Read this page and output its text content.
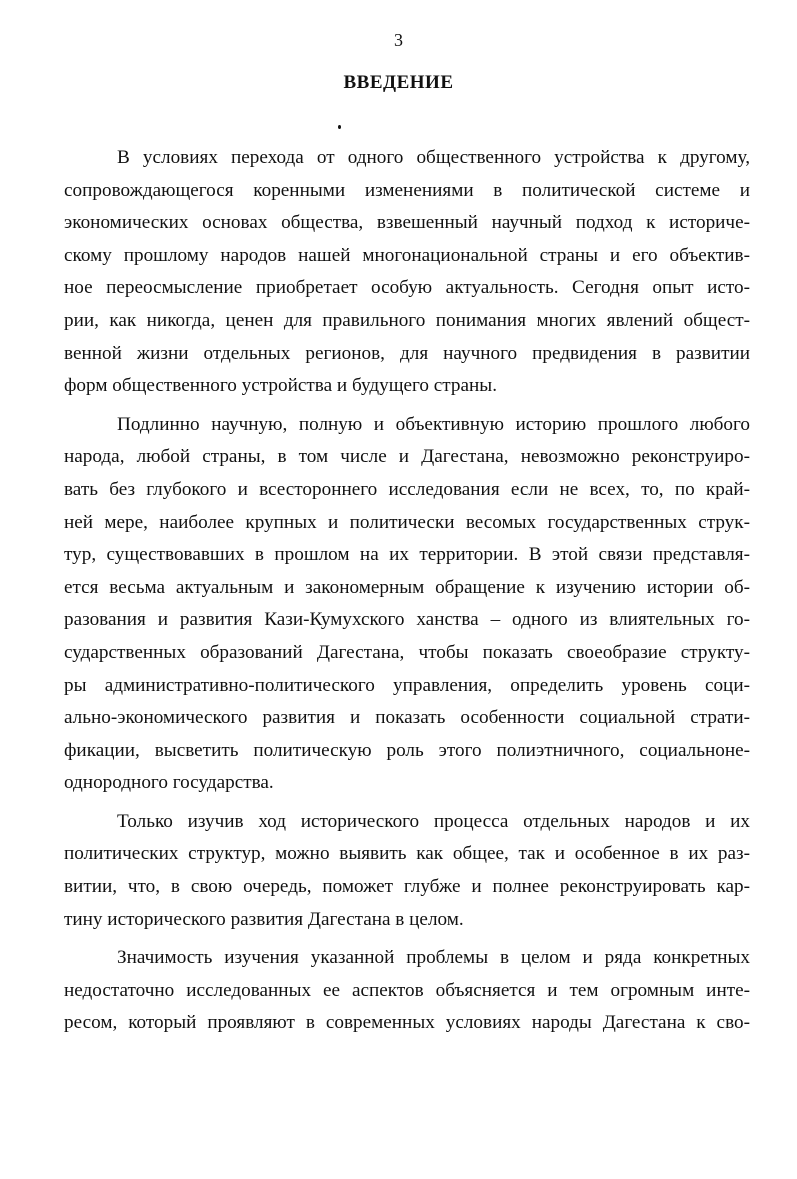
3
ВВЕДЕНИЕ
В условиях перехода от одного общественного устройства к другому,
сопровождающегося коренными изменениями в политической системе и
экономических основах общества, взвешенный научный подход к историче-
скому прошлому народов нашей многонациональной страны и его объектив-
ное переосмысление приобретает особую актуальность. Сегодня опыт исто-
рии, как никогда, ценен для правильного понимания многих явлений общест-
венной жизни отдельных регионов, для научного предвидения в развитии
форм общественного устройства и будущего страны.
Подлинно научную, полную и объективную историю прошлого любого
народа, любой страны, в том числе и Дагестана, невозможно реконструиро-
вать без глубокого и всестороннего исследования если не всех, то, по край-
ней мере, наиболее крупных и политически весомых государственных струк-
тур, существовавших в прошлом на их территории. В этой связи представля-
ется весьма актуальным и закономерным обращение к изучению истории об-
разования и развития Кази-Кумухского ханства – одного из влиятельных го-
сударственных образований Дагестана, чтобы показать своеобразие структу-
ры административно-политического управления, определить уровень соци-
ально-экономического развития и показать особенности социальной страти-
фикации, высветить политическую роль этого полиэтничного, социальноне-
однородного государства.
Только изучив ход исторического процесса отдельных народов и их
политических структур, можно выявить как общее, так и особенное в их раз-
витии, что, в свою очередь, поможет глубже и полнее реконструировать кар-
тину исторического развития Дагестана в целом.
Значимость изучения указанной проблемы в целом и ряда конкретных
недостаточно исследованных ее аспектов объясняется и тем огромным инте-
ресом, который проявляют в современных условиях народы Дагестана к сво-
